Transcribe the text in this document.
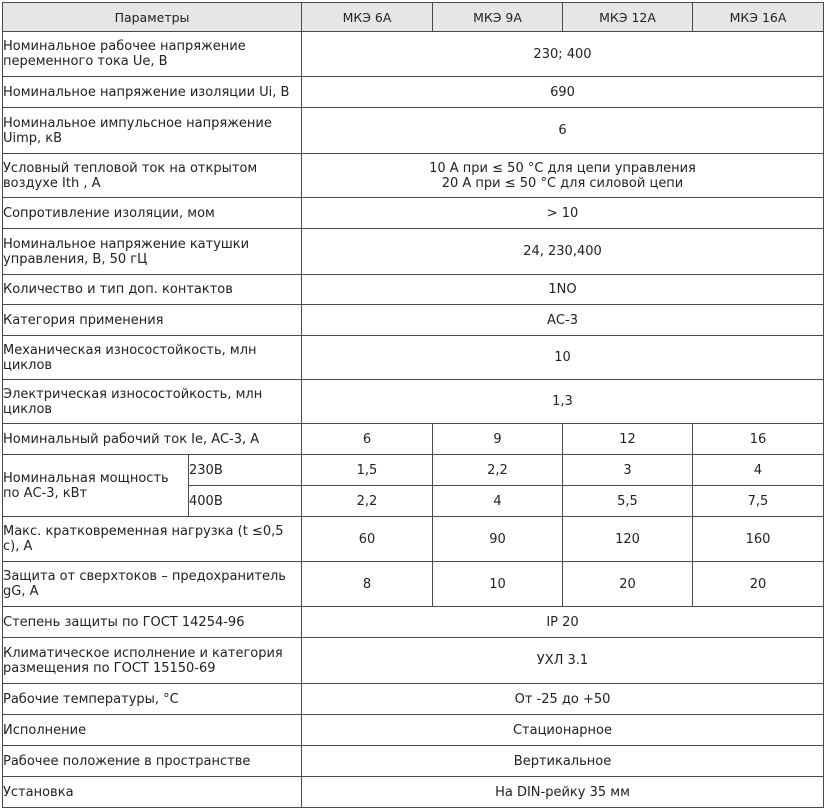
Параметры		МКЭ 6А	МКЭ 9А	МКЭ 12А	МКЭ 16А
Номинальное рабочее напряжение переменного тока Ue, В		230; 400			
Номинальное напряжение изоляции Ui, В		690			
Номинальное импульсное напряжение Uimp, кВ		6			
Условный тепловой ток на открытом воздухе Ith , А		10 А при ≤ 50 °С для цепи управления
20 А при ≤ 50 °С для силовой цепи			

Сопротивление изоляции, мом		> 10			
Номинальное напряжение катушки управления, В, 50 гЦ		24, 230,400			
Количество и тип доп. контактов		1NO			
Категория применения		АС-3			
Механическая износостойкость, млн циклов		10			
Электрическая износостойкость, млн циклов		1,3			
Номинальный рабочий ток Ie, AC-3, A		6	9	12	16
Номинальная мощность по АС-3, кВт	230В	1,5	2,2	3	4
	400В	2,2	4	5,5	7,5
Макс. кратковременная нагрузка (t ≤0,5 с), А		60	90	120	160
Защита от сверхтоков – предохранитель gG, A		8	10	20	20
Степень защиты по ГОСТ 14254-96		IP 20			
Климатическое исполнение и категория размещения по ГОСТ 15150-69		УХЛ 3.1			
Рабочие температуры, °С		От -25 до +50			
Исполнение		Стационарное			
Рабочее положение в пространстве		Вертикальное			
Установка		На DIN-рейку 35 мм			
